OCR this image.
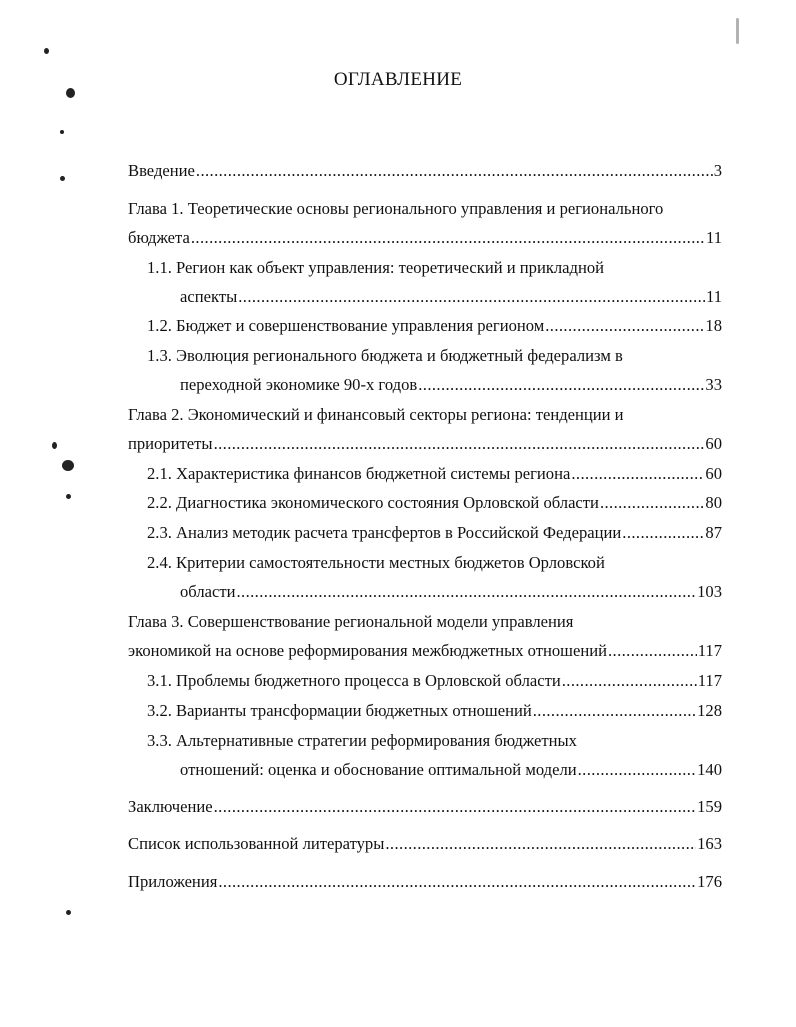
ОГЛАВЛЕНИЕ
Введение .....	3
Глава 1. Теоретические основы регионального управления и регионального
бюджета .....	11
1.1. Регион как объект управления: теоретический и прикладной
аспекты .....	11
1.2. Бюджет и совершенствование управления регионом .....	18
1.3. Эволюция регионального бюджета и бюджетный федерализм в
переходной экономике 90-х годов .....	33
Глава 2. Экономический и финансовый секторы региона: тенденции и
приоритеты .....	60
2.1. Характеристика финансов бюджетной системы региона .....	60
2.2. Диагностика экономического состояния Орловской области .....	80
2.3. Анализ методик расчета трансфертов в Российской Федерации .....	87
2.4. Критерии самостоятельности местных бюджетов Орловской
области .....	103
Глава 3. Совершенствование региональной модели управления
экономикой на основе реформирования межбюджетных отношений .....	117
3.1. Проблемы бюджетного процесса в Орловской области .....	117
3.2. Варианты трансформации бюджетных отношений .....	128
3.3. Альтернативные стратегии реформирования бюджетных
отношений: оценка и обоснование оптимальной модели .....	140
Заключение .....	159
Список использованной литературы .....	163
Приложения .....	176
